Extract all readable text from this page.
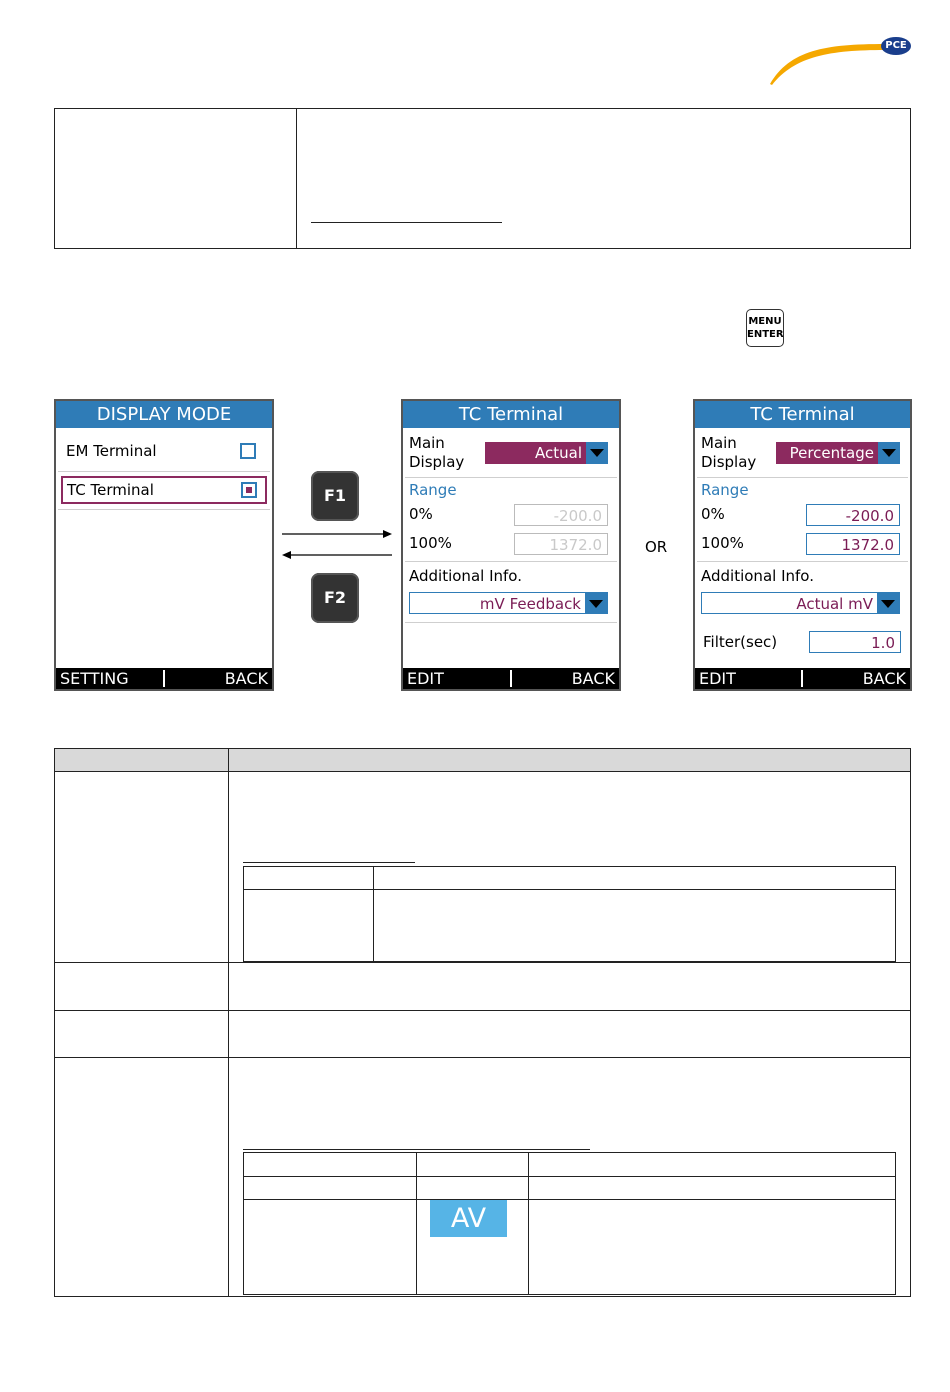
PCE
MENU
ENTER
DISPLAY MODE
EM Terminal
TC Terminal
SETTING	BACK
F1
F2
TC Terminal
Main
Display	Actual
Range
0%	-200.0
100%	1372.0
Additional Info.
mV Feedback
EDIT	BACK
OR
TC Terminal
Main
Display	Percentage
Range
0%	-200.0
100%	1372.0
Additional Info.
Actual mV
Filter(sec)	1.0
EDIT	BACK
AV
